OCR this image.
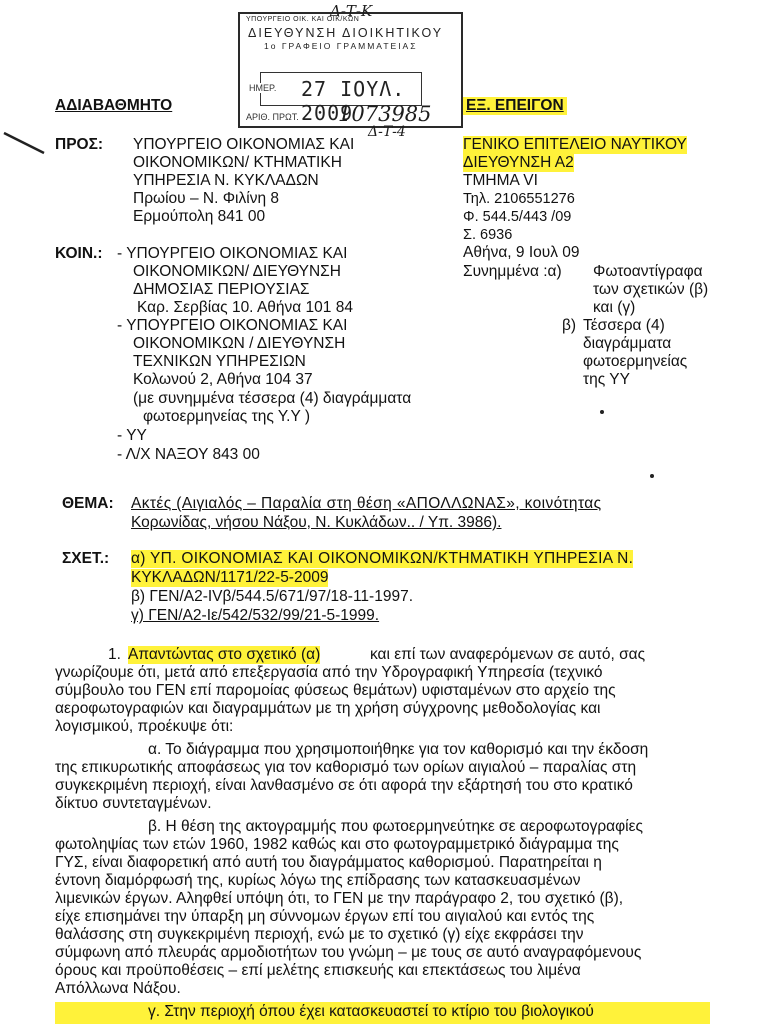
ΥΠΟΥΡΓΕΙΟ ΟΙΚ. ΚΑΙ ΟΙΚ/ΚΩΝ
ΔΙΕΥΘΥΝΣΗ ΔΙΟΙΚΗΤΙΚΟΥ
1ο ΓΡΑΦΕΙΟ ΓΡΑΜΜΑΤΕΙΑΣ
ΗΜΕΡ. 27 ΙΟΥΛ. 2009
ΑΡΙΘ. ΠΡΩΤ.
Δ-Τ-Κ
1073985
Δ-Τ-4
ΑΔΙΑΒΑΘΜΗΤΟ	ΕΞ. ΕΠΕΙΓΟΝ
ΠΡΟΣ: ΥΠΟΥΡΓΕΙΟ ΟΙΚΟΝΟΜΙΑΣ ΚΑΙ
ΟΙΚΟΝΟΜΙΚΩΝ/ ΚΤΗΜΑΤΙΚΗ
ΥΠΗΡΕΣΙΑ Ν. ΚΥΚΛΑΔΩΝ
Πρωίου – Ν. Φιλίνη 8
Ερμούπολη 841 00
ΓΕΝΙΚΟ ΕΠΙΤΕΛΕΙΟ ΝΑΥΤΙΚΟΥ
ΔΙΕΥΘΥΝΣΗ Α2
ΤΜΗΜΑ VI
Τηλ. 2106551276
Φ. 544.5/443 /09
Σ. 6936
Αθήνα, 9 Ιουλ 09
Συνημμένα :α) Φωτοαντίγραφα
των σχετικών (β)
και (γ)
β) Τέσσερα (4)
διαγράμματα
φωτοερμηνείας
της ΥΥ
ΚΟΙΝ.: - ΥΠΟΥΡΓΕΙΟ ΟΙΚΟΝΟΜΙΑΣ ΚΑΙ
ΟΙΚΟΝΟΜΙΚΩΝ/ ΔΙΕΥΘΥΝΣΗ
ΔΗΜΟΣΙΑΣ ΠΕΡΙΟΥΣΙΑΣ
Καρ. Σερβίας 10. Αθήνα 101 84
- ΥΠΟΥΡΓΕΙΟ ΟΙΚΟΝΟΜΙΑΣ ΚΑΙ
ΟΙΚΟΝΟΜΙΚΩΝ / ΔΙΕΥΘΥΝΣΗ
ΤΕΧΝΙΚΩΝ ΥΠΗΡΕΣΙΩΝ
Κολωνού 2, Αθήνα 104 37
(με συνημμένα τέσσερα (4) διαγράμματα
φωτοερμηνείας της Υ.Υ )
- ΥΥ
- Λ/Χ ΝΑΞΟΥ 843 00
ΘΕΜΑ: Ακτές (Αιγιαλός – Παραλία στη θέση «ΑΠΟΛΛΩΝΑΣ», κοινότητας
Κορωνίδας, νήσου Νάξου, Ν. Κυκλάδων.. / Υπ. 3986).
ΣΧΕΤ.: α) ΥΠ. ΟΙΚΟΝΟΜΙΑΣ ΚΑΙ ΟΙΚΟΝΟΜΙΚΩΝ/ΚΤΗΜΑΤΙΚΗ ΥΠΗΡΕΣΙΑ Ν.
ΚΥΚΛΑΔΩΝ/1171/22-5-2009
β) ΓΕΝ/Α2-IVβ/544.5/671/97/18-11-1997.
γ) ΓΕΝ/Α2-Ιε/542/532/99/21-5-1999.
1. Απαντώντας στο σχετικό (α)	και επί των αναφερόμενων σε αυτό, σας
γνωρίζουμε ότι, μετά από επεξεργασία από την Υδρογραφική Υπηρεσία (τεχνικό
σύμβουλο του ΓΕΝ επί παρομοίας φύσεως θεμάτων) υφισταμένων στο αρχείο της
αεροφωτογραφιών και διαγραμμάτων με τη χρήση σύγχρονης μεθοδολογίας και
λογισμικού, προέκυψε ότι:
α. Το διάγραμμα που χρησιμοποιήθηκε για τον καθορισμό και την έκδοση
της επικυρωτικής αποφάσεως για τον καθορισμό των ορίων αιγιαλού – παραλίας στη
συγκεκριμένη περιοχή, είναι λανθασμένο σε ότι αφορά την εξάρτησή του στο κρατικό
δίκτυο συντεταγμένων.
β. Η θέση της ακτογραμμής που φωτοερμηνεύτηκε σε αεροφωτογραφίες
φωτοληψίας των ετών 1960, 1982 καθώς και στο φωτογραμμετρικό διάγραμμα της
ΓΥΣ, είναι διαφορετική από αυτή του διαγράμματος καθορισμού. Παρατηρείται η
έντονη διαμόρφωσή της, κυρίως λόγω της επίδρασης των κατασκευασμένων
λιμενικών έργων. Αληφθεί υπόψη ότι, το ΓΕΝ με την παράγραφο 2, του σχετικό (β),
είχε επισημάνει την ύπαρξη μη σύννομων έργων επί του αιγιαλού και εντός της
θαλάσσης στη συγκεκριμένη περιοχή, ενώ με το σχετικό (γ) είχε εκφράσει την
σύμφωνη από πλευράς αρμοδιοτήτων του γνώμη – με τους σε αυτό αναγραφόμενους
όρους και προϋποθέσεις – επί μελέτης επισκευής και επεκτάσεως του λιμένα
Απόλλωνα Νάξου.
γ. Στην περιοχή όπου έχει κατασκευαστεί το κτίριο του βιολογικού
